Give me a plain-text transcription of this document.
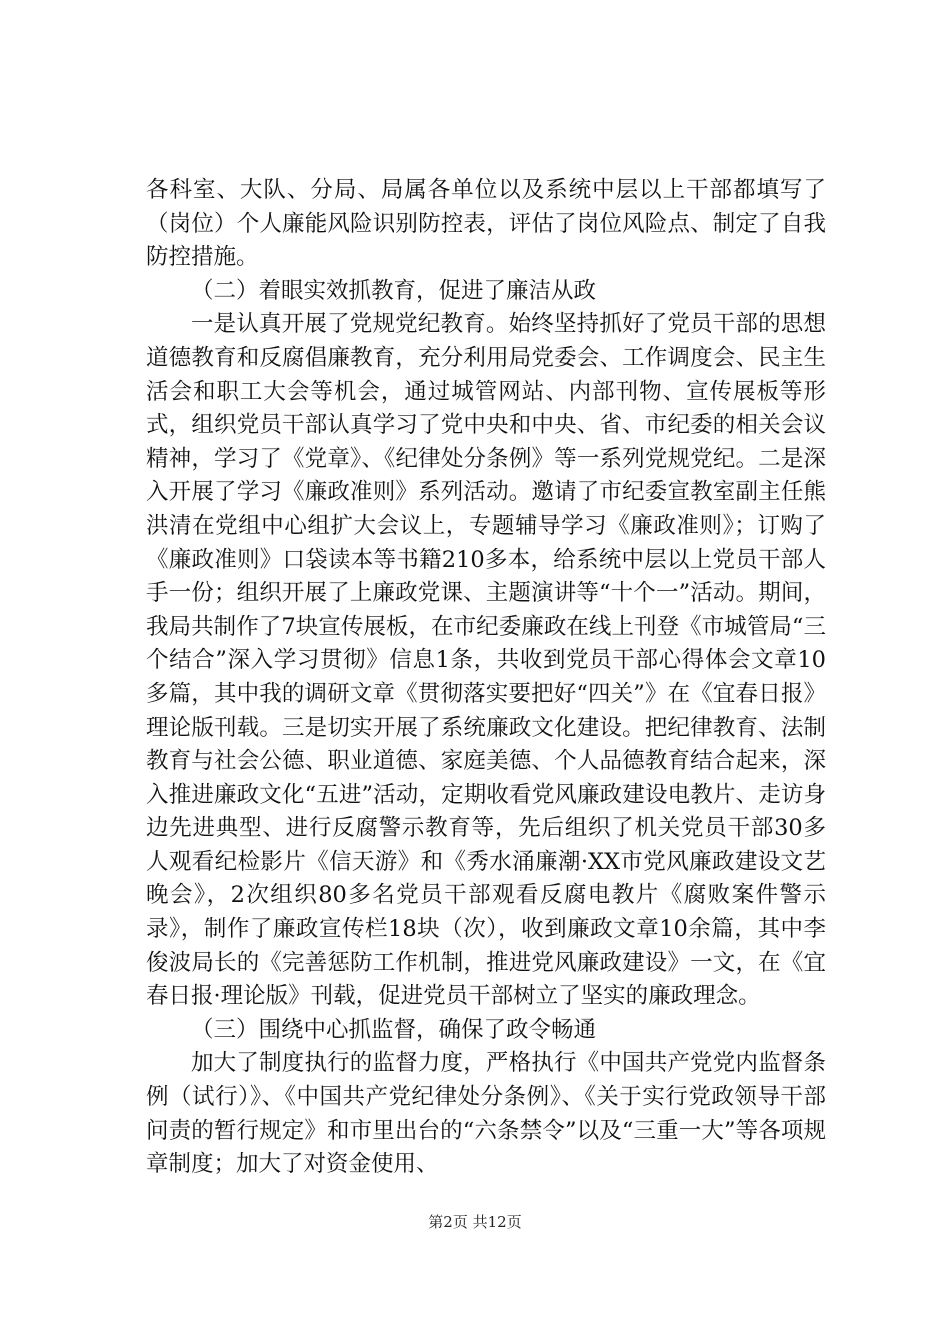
各科室、大队、分局、局属各单位以及系统中层以上干部都填写了（岗位）个人廉能风险识别防控表，评估了岗位风险点、制定了自我防控措施。

（二）着眼实效抓教育，促进了廉洁从政

一是认真开展了党规党纪教育。始终坚持抓好了党员干部的思想道德教育和反腐倡廉教育，充分利用局党委会、工作调度会、民主生活会和职工大会等机会，通过城管网站、内部刊物、宣传展板等形式，组织党员干部认真学习了党中央和中央、省、市纪委的相关会议精神，学习了《党章》、《纪律处分条例》等一系列党规党纪。二是深入开展了学习《廉政准则》系列活动。邀请了市纪委宣教室副主任熊洪清在党组中心组扩大会议上，专题辅导学习《廉政准则》；订购了《廉政准则》口袋读本等书籍210多本，给系统中层以上党员干部人手一份；组织开展了上廉政党课、主题演讲等“十个一”活动。期间，我局共制作了7块宣传展板，在市纪委廉政在线上刊登《市城管局“三个结合”深入学习贯彻》信息1条，共收到党员干部心得体会文章10多篇，其中我的调研文章《贯彻落实要把好“四关”》在《宜春日报》理论版刊载。三是切实开展了系统廉政文化建设。把纪律教育、法制教育与社会公德、职业道德、家庭美德、个人品德教育结合起来，深入推进廉政文化“五进”活动，定期收看党风廉政建设电教片、走访身边先进典型、进行反腐警示教育等，先后组织了机关党员干部30多人观看纪检影片《信天游》和《秀水涌廉潮·XX市党风廉政建设文艺晚会》，2次组织80多名党员干部观看反腐电教片《腐败案件警示录》，制作了廉政宣传栏18块（次），收到廉政文章10余篇，其中李俊波局长的《完善惩防工作机制，推进党风廉政建设》一文，在《宜春日报·理论版》刊载，促进党员干部树立了坚实的廉政理念。

（三）围绕中心抓监督，确保了政令畅通

加大了制度执行的监督力度，严格执行《中国共产党党内监督条例（试行）》、《中国共产党纪律处分条例》、《关于实行党政领导干部问责的暂行规定》和市里出台的“六条禁令”以及“三重一大”等各项规章制度；加大了对资金使用、

第2页 共12页
